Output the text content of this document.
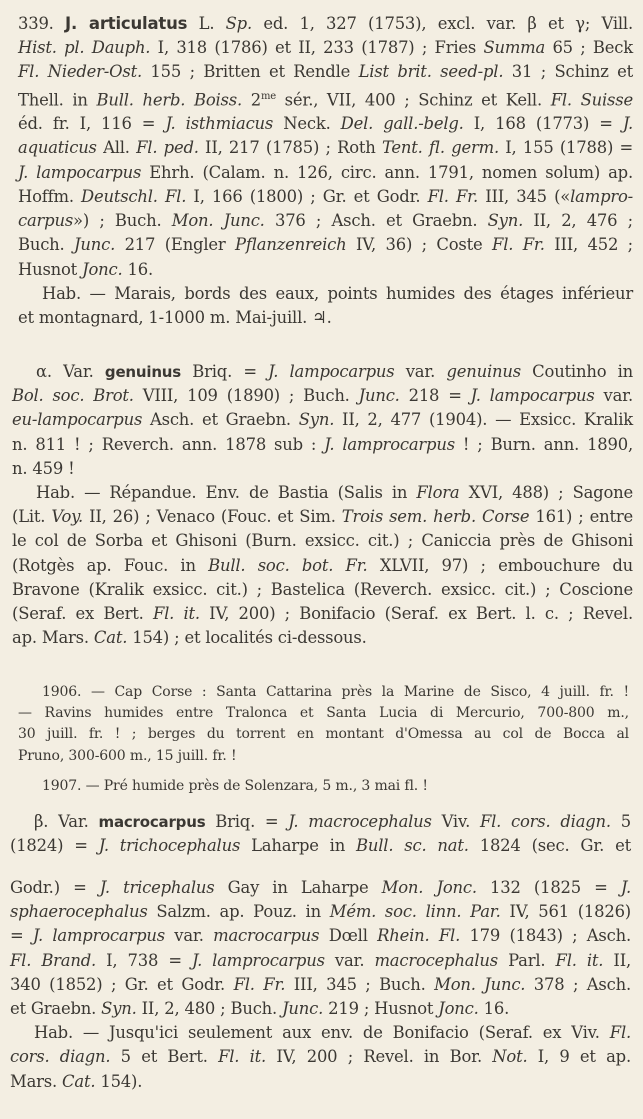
339. J. articulatus L. Sp. ed. 1, 327 (1753), excl. var. β et γ; Vill.
Hist. pl. Dauph. I, 318 (1786) et II, 233 (1787) ; Fries Summa 65 ; Beck
Fl. Nieder-Ost. 155 ; Britten et Rendle List brit. seed-pl. 31 ; Schinz et
Thell. in Bull. herb. Boiss. $2^{me}$ sér., VII, 400 ; Schinz et Kell. Fl. Suisse
éd. fr. I, 116 = J. isthmiacus Neck. Del. gall.-belg. I, 168 (1773) = J.
aquaticus All. Fl. ped. II, 217 (1785) ; Roth Tent. fl. germ. I, 155 (1788) =
J. lampocarpus Ehrh. (Calam. n. 126, circ. ann. 1791, nomen solum) ap.
Hoffm. Deutschl. Fl. I, 166 (1800) ; Gr. et Godr. Fl. Fr. III, 345 («lampro-
carpus») ; Buch. Mon. Junc. 376 ; Asch. et Graebn. Syn. II, 2, 476 ;
Buch. Junc. 217 (Engler Pflanzenreich IV, 36) ; Coste Fl. Fr. III, 452 ;
Husnot Jonc. 16.
Hab. — Marais, bords des eaux, points humides des étages inférieur
et montagnard, 1-1000 m. Mai-juill. ♃.
α. Var. genuinus Briq. = J. lampocarpus var. genuinus Coutinho in
Bol. soc. Brot. VIII, 109 (1890) ; Buch. Junc. 218 = J. lampocarpus var.
eu-lampocarpus Asch. et Graebn. Syn. II, 2, 477 (1904). — Exsicc. Kralik
n. 811 ! ; Reverch. ann. 1878 sub : J. lamprocarpus ! ; Burn. ann. 1890,
n. 459 !
Hab. — Répandue. Env. de Bastia (Salis in Flora XVI, 488) ; Sagone
(Lit. Voy. II, 26) ; Venaco (Fouc. et Sim. Trois sem. herb. Corse 161) ; entre
le col de Sorba et Ghisoni (Burn. exsicc. cit.) ; Caniccia près de Ghisoni
(Rotgès ap. Fouc. in Bull. soc. bot. Fr. XLVII, 97) ; embouchure du
Bravone (Kralik exsicc. cit.) ; Bastelica (Reverch. exsicc. cit.) ; Coscione
(Seraf. ex Bert. Fl. it. IV, 200) ; Bonifacio (Seraf. ex Bert. l. c. ; Revel.
ap. Mars. Cat. 154) ; et localités ci-dessous.
1906. — Cap Corse : Santa Cattarina près la Marine de Sisco, 4 juill. fr. !
— Ravins humides entre Tralonca et Santa Lucia di Mercurio, 700-800 m.,
30 juill. fr. ! ; berges du torrent en montant d'Omessa au col de Bocca al
Pruno, 300-600 m., 15 juill. fr. !
1907. — Pré humide près de Solenzara, 5 m., 3 mai fl. !
β. Var. macrocarpus Briq. = J. macrocephalus Viv. Fl. cors. diagn. 5
(1824) = J. trichocephalus Laharpe in Bull. sc. nat. 1824 (sec. Gr. et
Godr.) = J. tricephalus Gay in Laharpe Mon. Jonc. 132 (1825 = J.
sphaerocephalus Salzm. ap. Pouz. in Mém. soc. linn. Par. IV, 561 (1826)
= J. lamprocarpus var. macrocarpus Dœll Rhein. Fl. 179 (1843) ; Asch.
Fl. Brand. I, 738 = J. lamprocarpus var. macrocephalus Parl. Fl. it. II,
340 (1852) ; Gr. et Godr. Fl. Fr. III, 345 ; Buch. Mon. Junc. 378 ; Asch.
et Graebn. Syn. II, 2, 480 ; Buch. Junc. 219 ; Husnot Jonc. 16.
Hab. — Jusqu'ici seulement aux env. de Bonifacio (Seraf. ex Viv. Fl.
cors. diagn. 5 et Bert. Fl. it. IV, 200 ; Revel. in Bor. Not. I, 9 et ap.
Mars. Cat. 154).
